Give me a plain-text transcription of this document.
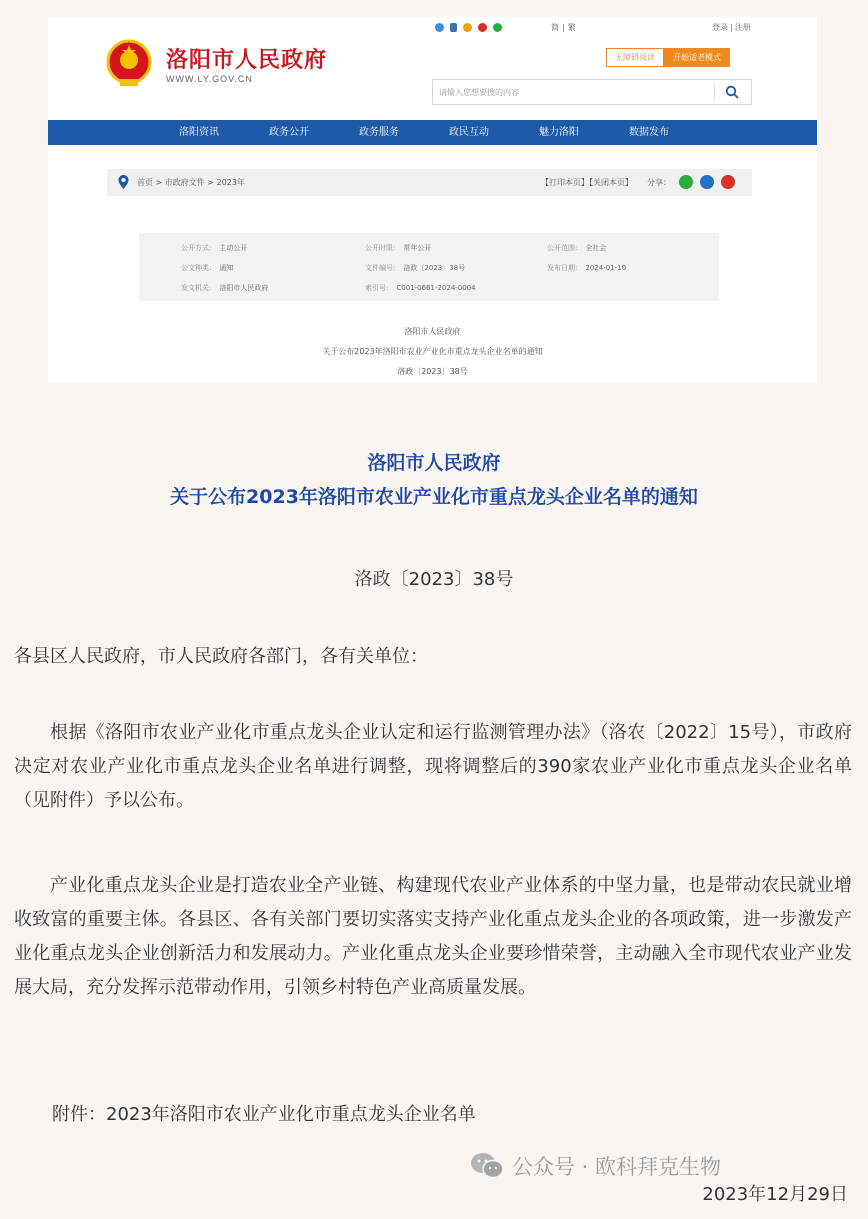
洛阳市人民政府
WWW.LY.GOV.CN
简 | 繁	登录 | 注册
无障碍阅读	开始适老模式
请输入您想要搜的内容
洛阳资讯	政务公开	政务服务	政民互动	魅力洛阳	数据发布
首页 > 市政府文件 > 2023年	【打印本页】【关闭本页】 分享：
公开方式: 主动公开	公开时限: 常年公开	公开范围: 全社会
公文种类: 通知	文件编号: 洛政〔2023〕38号	发布日期: 2024-01-10
发文机关: 洛阳市人民政府	索引号: C001-0661-2024-0004
洛阳市人民政府
关于公布2023年洛阳市农业产业化市重点龙头企业名单的通知
洛政〔2023〕38号
洛阳市人民政府
关于公布2023年洛阳市农业产业化市重点龙头企业名单的通知
洛政〔2023〕38号
各县区人民政府，市人民政府各部门，各有关单位：
根据《洛阳市农业产业化市重点龙头企业认定和运行监测管理办法》（洛农〔2022〕15号），市政府决定对农业产业化市重点龙头企业名单进行调整，现将调整后的390家农业产业化市重点龙头企业名单（见附件）予以公布。
产业化重点龙头企业是打造农业全产业链、构建现代农业产业体系的中坚力量，也是带动农民就业增收致富的重要主体。各县区、各有关部门要切实落实支持产业化重点龙头企业的各项政策，进一步激发产业化重点龙头企业创新活力和发展动力。产业化重点龙头企业要珍惜荣誉，主动融入全市现代农业产业发展大局，充分发挥示范带动作用，引领乡村特色产业高质量发展。
附件：2023年洛阳市农业产业化市重点龙头企业名单
公众号 · 欧科拜克生物
2023年12月29日
